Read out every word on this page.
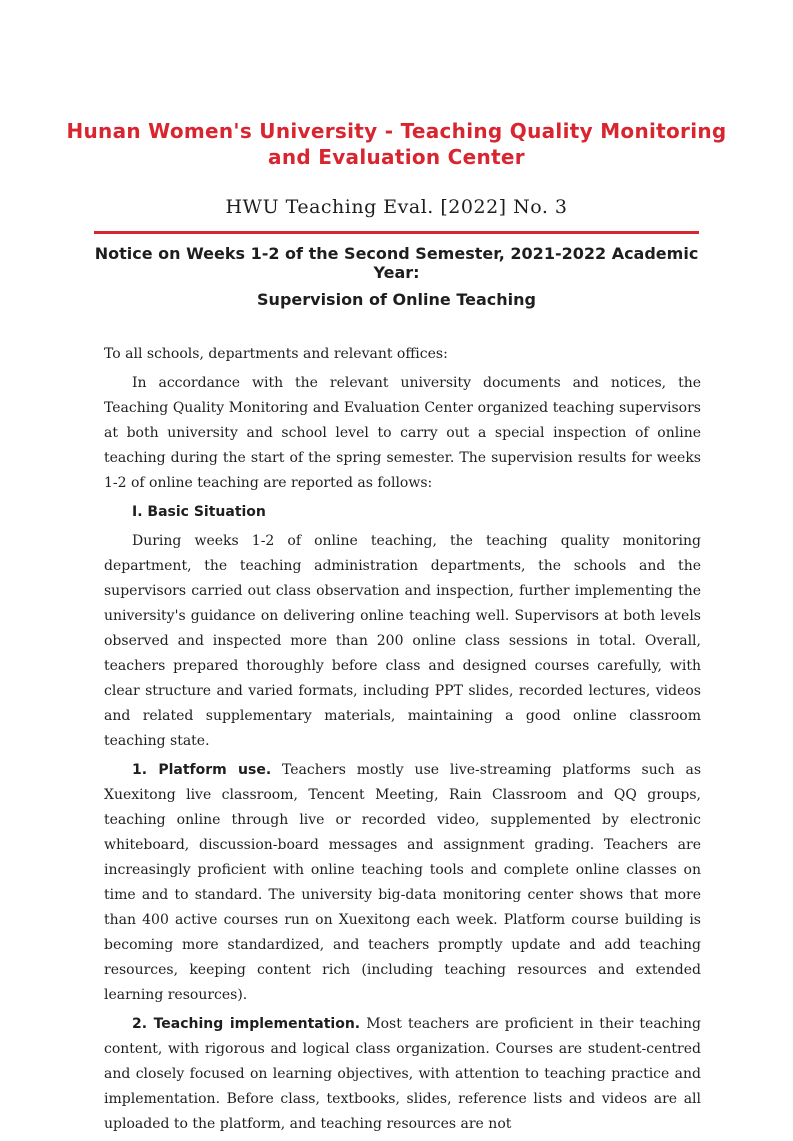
Hunan Women's University - Teaching Quality Monitoring and Evaluation Center
HWU Teaching Eval. [2022] No. 3
Notice on Weeks 1-2 of the Second Semester, 2021-2022 Academic Year:
Supervision of Online Teaching

To all schools, departments and relevant offices:

In accordance with the relevant university documents and notices, the Teaching Quality Monitoring and Evaluation Center organized teaching supervisors at both university and school level to carry out a special inspection of online teaching during the start of the spring semester. The supervision results for weeks 1-2 of online teaching are reported as follows:

I. Basic Situation

During weeks 1-2 of online teaching, the teaching quality monitoring department, the teaching administration departments, the schools and the supervisors carried out class observation and inspection, further implementing the university's guidance on delivering online teaching well. Supervisors at both levels observed and inspected more than 200 online class sessions in total. Overall, teachers prepared thoroughly before class and designed courses carefully, with clear structure and varied formats, including PPT slides, recorded lectures, videos and related supplementary materials, maintaining a good online classroom teaching state.

1. Platform use. Teachers mostly use live-streaming platforms such as Xuexitong live classroom, Tencent Meeting, Rain Classroom and QQ groups, teaching online through live or recorded video, supplemented by electronic whiteboard, discussion-board messages and assignment grading. Teachers are increasingly proficient with online teaching tools and complete online classes on time and to standard. The university big-data monitoring center shows that more than 400 active courses run on Xuexitong each week. Platform course building is becoming more standardized, and teachers promptly update and add teaching resources, keeping content rich (including teaching resources and extended learning resources).

2. Teaching implementation. Most teachers are proficient in their teaching content, with rigorous and logical class organization. Courses are student-centred and closely focused on learning objectives, with attention to teaching practice and implementation. Before class, textbooks, slides, reference lists and videos are all uploaded to the platform, and teaching resources are not
